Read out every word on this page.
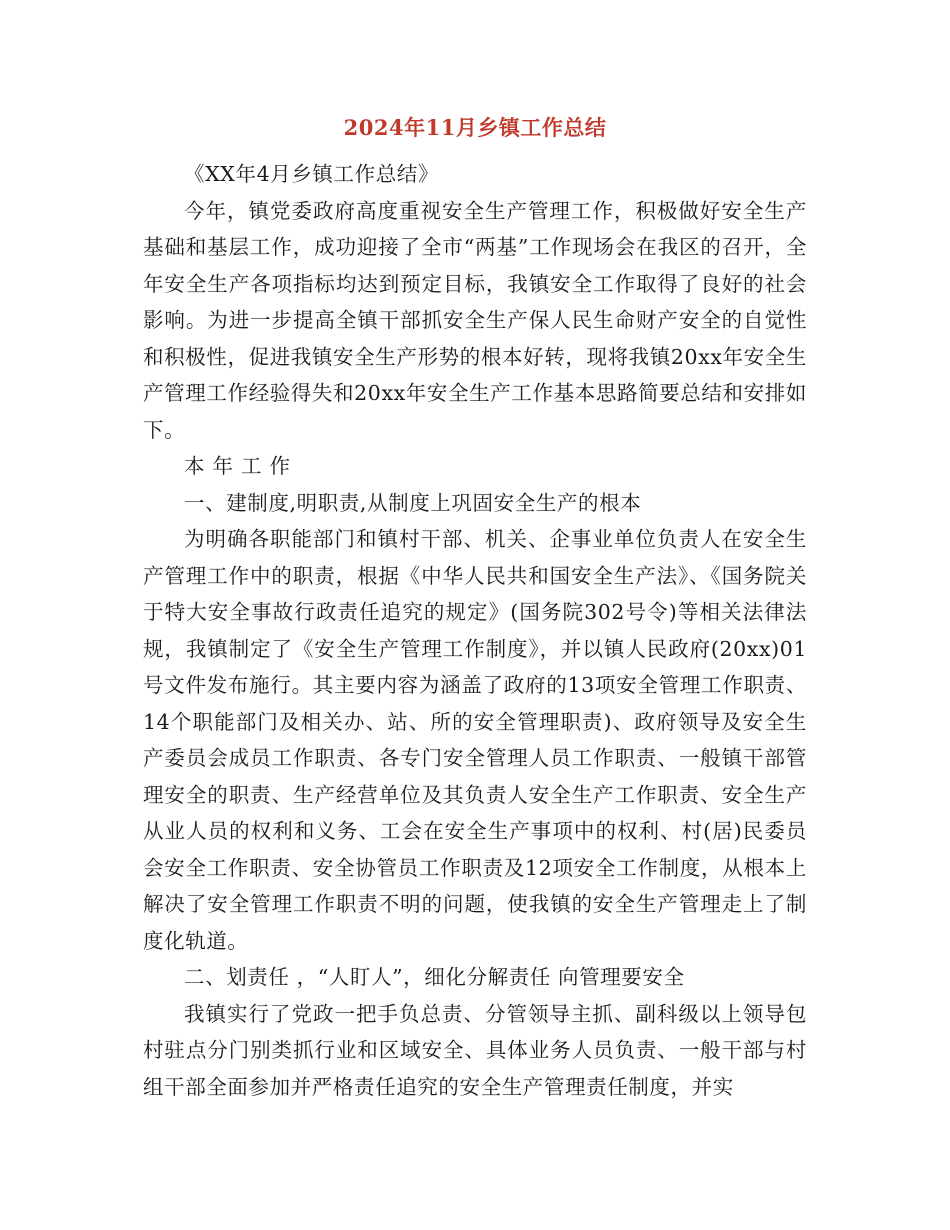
2024年11月乡镇工作总结

《XX年4月乡镇工作总结》

今年，镇党委政府高度重视安全生产管理工作，积极做好安全生产基础和基层工作，成功迎接了全市“两基”工作现场会在我区的召开，全年安全生产各项指标均达到预定目标，我镇安全工作取得了良好的社会影响。为进一步提高全镇干部抓安全生产保人民生命财产安全的自觉性和积极性，促进我镇安全生产形势的根本好转，现将我镇20xx年安全生产管理工作经验得失和20xx年安全生产工作基本思路简要总结和安排如下。

本年工作

一、建制度,明职责,从制度上巩固安全生产的根本

为明确各职能部门和镇村干部、机关、企事业单位负责人在安全生产管理工作中的职责，根据《中华人民共和国安全生产法》、《国务院关于特大安全事故行政责任追究的规定》(国务院302号令)等相关法律法规，我镇制定了《安全生产管理工作制度》，并以镇人民政府(20xx)01号文件发布施行。其主要内容为涵盖了政府的13项安全管理工作职责、14个职能部门及相关办、站、所的安全管理职责)、政府领导及安全生产委员会成员工作职责、各专门安全管理人员工作职责、一般镇干部管理安全的职责、生产经营单位及其负责人安全生产工作职责、安全生产从业人员的权利和义务、工会在安全生产事项中的权利、村(居)民委员会安全工作职责、安全协管员工作职责及12项安全工作制度，从根本上解决了安全管理工作职责不明的问题，使我镇的安全生产管理走上了制度化轨道。

二、划责任 ，“人盯人”，细化分解责任 向管理要安全

我镇实行了党政一把手负总责、分管领导主抓、副科级以上领导包村驻点分门别类抓行业和区域安全、具体业务人员负责、一般干部与村组干部全面参加并严格责任追究的安全生产管理责任制度，并实
